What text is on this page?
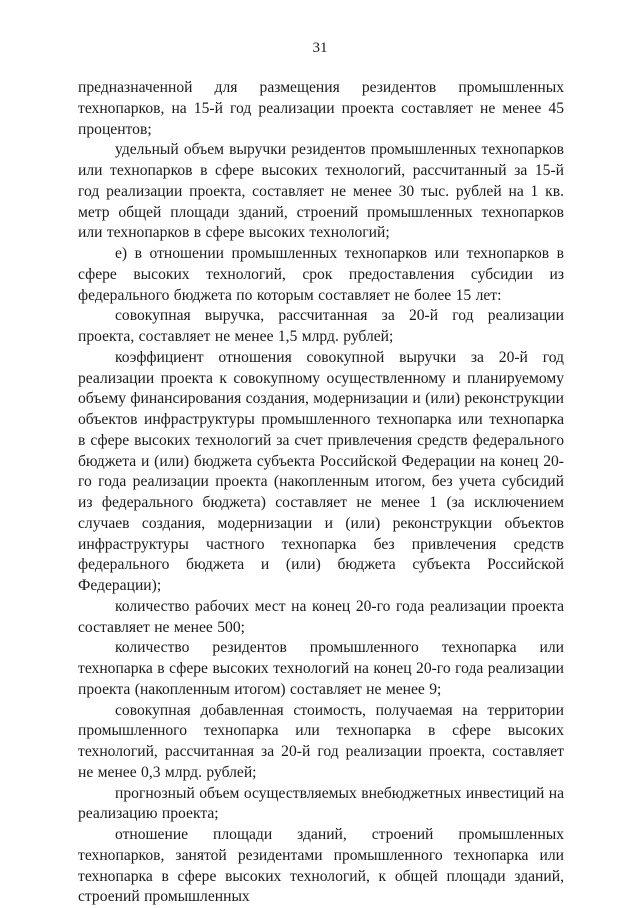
31

предназначенной для размещения резидентов промышленных технопарков, на 15-й год реализации проекта составляет не менее 45 процентов;

удельный объем выручки резидентов промышленных технопарков или технопарков в сфере высоких технологий, рассчитанный за 15-й год реализации проекта, составляет не менее 30 тыс. рублей на 1 кв. метр общей площади зданий, строений промышленных технопарков или технопарков в сфере высоких технологий;

е) в отношении промышленных технопарков или технопарков в сфере высоких технологий, срок предоставления субсидии из федерального бюджета по которым составляет не более 15 лет:

совокупная выручка, рассчитанная за 20-й год реализации проекта, составляет не менее 1,5 млрд. рублей;

коэффициент отношения совокупной выручки за 20-й год реализации проекта к совокупному осуществленному и планируемому объему финансирования создания, модернизации и (или) реконструкции объектов инфраструктуры промышленного технопарка или технопарка в сфере высоких технологий за счет привлечения средств федерального бюджета и (или) бюджета субъекта Российской Федерации на конец 20-го года реализации проекта (накопленным итогом, без учета субсидий из федерального бюджета) составляет не менее 1 (за исключением случаев создания, модернизации и (или) реконструкции объектов инфраструктуры частного технопарка без привлечения средств федерального бюджета и (или) бюджета субъекта Российской Федерации);

количество рабочих мест на конец 20-го года реализации проекта составляет не менее 500;

количество резидентов промышленного технопарка или технопарка в сфере высоких технологий на конец 20-го года реализации проекта (накопленным итогом) составляет не менее 9;

совокупная добавленная стоимость, получаемая на территории промышленного технопарка или технопарка в сфере высоких технологий, рассчитанная за 20-й год реализации проекта, составляет не менее 0,3 млрд. рублей;

прогнозный объем осуществляемых внебюджетных инвестиций на реализацию проекта;

отношение площади зданий, строений промышленных технопарков, занятой резидентами промышленного технопарка или технопарка в сфере высоких технологий, к общей площади зданий, строений промышленных
